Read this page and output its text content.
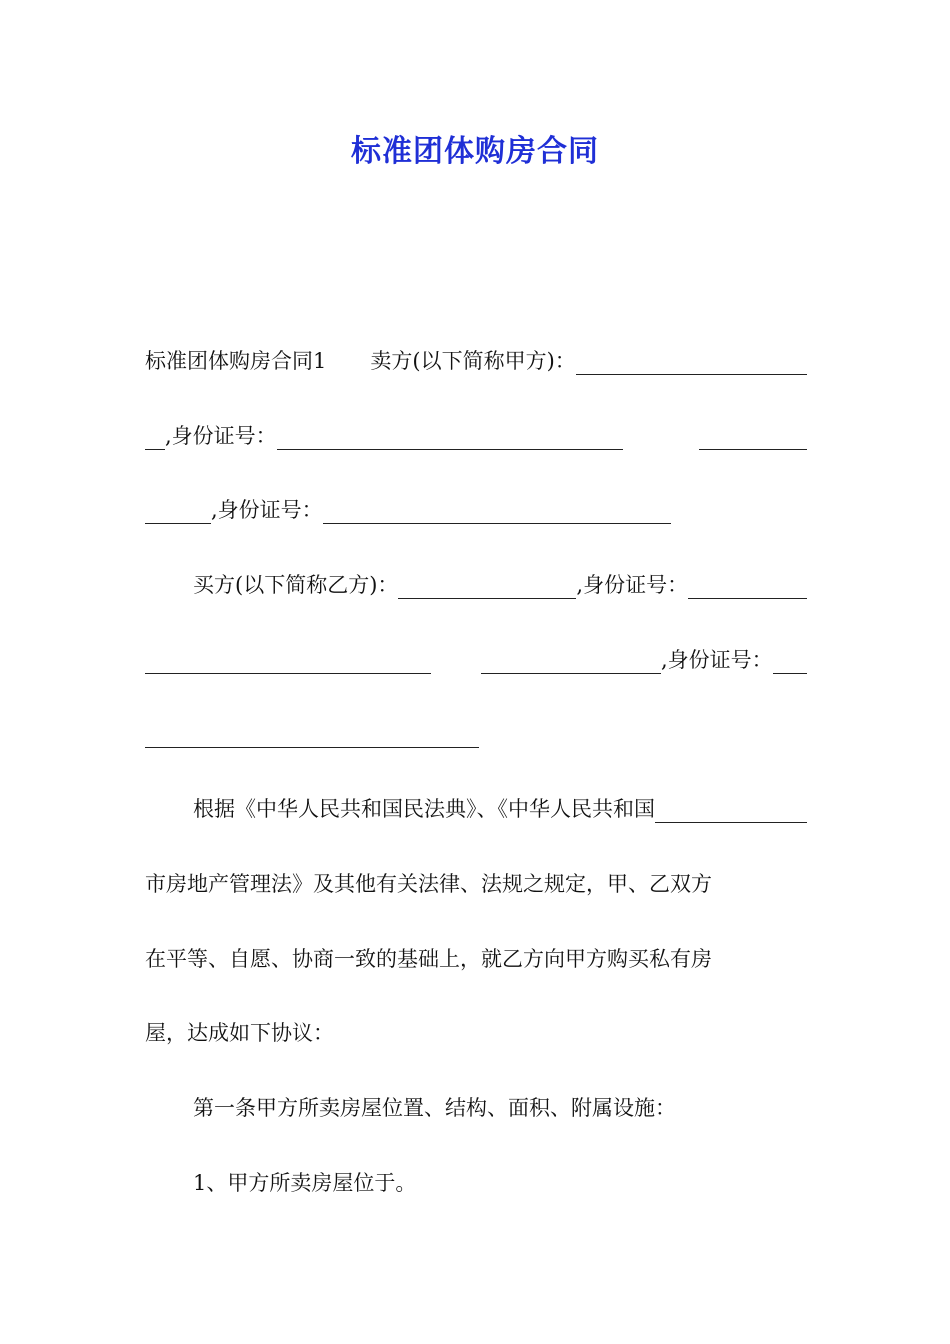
标准团体购房合同
标准团体购房合同1 卖方(以下简称甲方)：
,身份证号：
,身份证号：
买方(以下简称乙方)：	,身份证号：
,身份证号：
根据《中华人民共和国民法典》、《中华人民共和国
市房地产管理法》及其他有关法律、法规之规定，甲、乙双方
在平等、自愿、协商一致的基础上，就乙方向甲方购买私有房
屋，达成如下协议：
第一条甲方所卖房屋位置、结构、面积、附属设施：
1、甲方所卖房屋位于。
